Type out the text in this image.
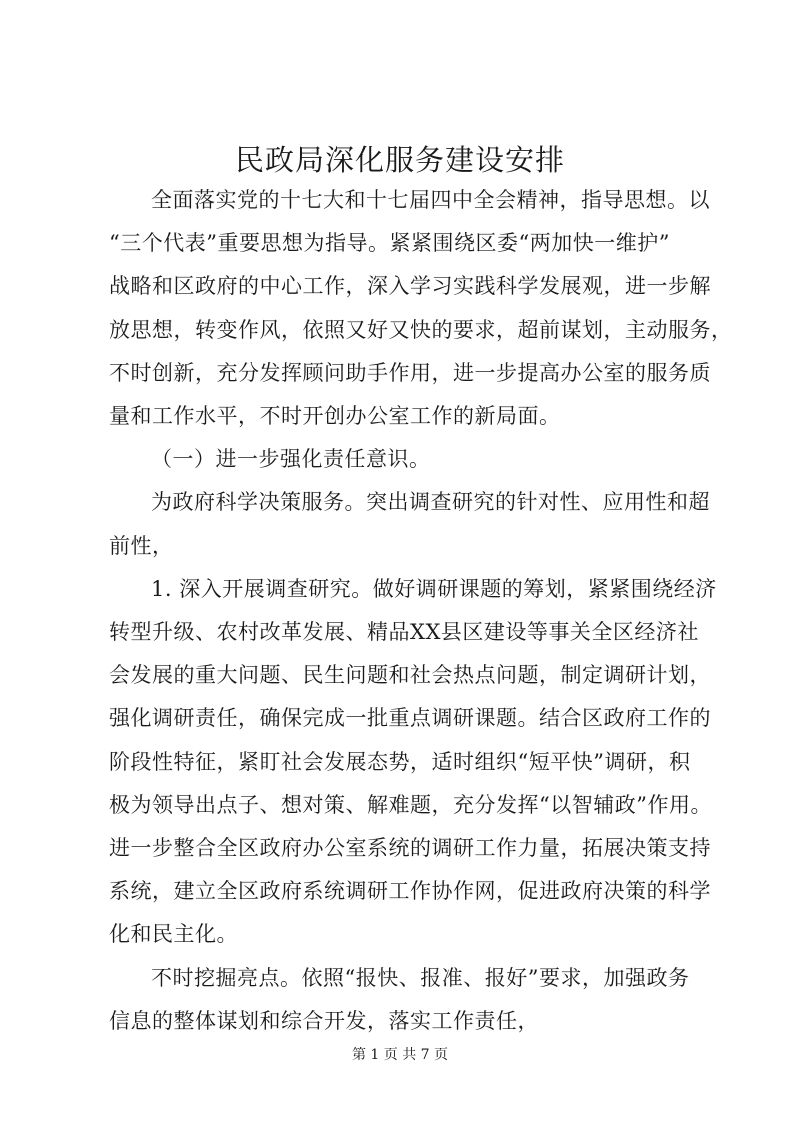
民政局深化服务建设安排
全面落实党的十七大和十七届四中全会精神，指导思想。以
“三个代表”重要思想为指导。紧紧围绕区委“两加快一维护”
战略和区政府的中心工作，深入学习实践科学发展观，进一步解
放思想，转变作风，依照又好又快的要求，超前谋划，主动服务，
不时创新，充分发挥顾问助手作用，进一步提高办公室的服务质
量和工作水平，不时开创办公室工作的新局面。
（一）进一步强化责任意识。
为政府科学决策服务。突出调查研究的针对性、应用性和超
前性，
1. 深入开展调查研究。做好调研课题的筹划，紧紧围绕经济
转型升级、农村改革发展、精品XX县区建设等事关全区经济社
会发展的重大问题、民生问题和社会热点问题，制定调研计划，
强化调研责任，确保完成一批重点调研课题。结合区政府工作的
阶段性特征，紧盯社会发展态势，适时组织“短平快”调研，积
极为领导出点子、想对策、解难题，充分发挥“以智辅政”作用。
进一步整合全区政府办公室系统的调研工作力量，拓展决策支持
系统，建立全区政府系统调研工作协作网，促进政府决策的科学
化和民主化。
不时挖掘亮点。依照“报快、报准、报好”要求，加强政务
信息的整体谋划和综合开发，落实工作责任，
第 1 页 共 7 页
